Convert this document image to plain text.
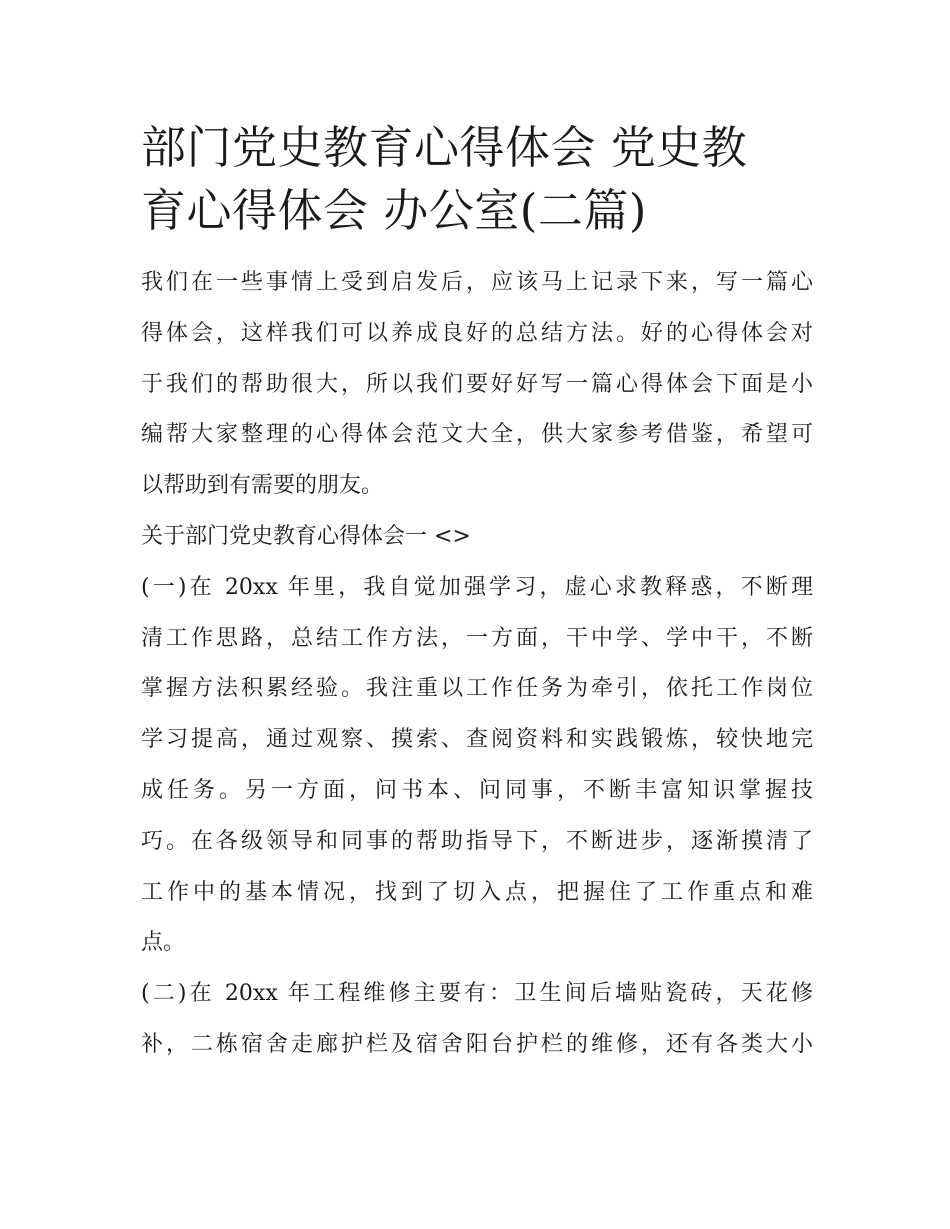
部门党史教育心得体会 党史教
育心得体会 办公室(二篇)

我们在一些事情上受到启发后，应该马上记录下来，写一篇心
得体会，这样我们可以养成良好的总结方法。好的心得体会对
于我们的帮助很大，所以我们要好好写一篇心得体会下面是小
编帮大家整理的心得体会范文大全，供大家参考借鉴，希望可
以帮助到有需要的朋友。

关于部门党史教育心得体会一 <>

(一)在 20xx 年里，我自觉加强学习，虚心求教释惑，不断理
清工作思路，总结工作方法，一方面，干中学、学中干，不断
掌握方法积累经验。我注重以工作任务为牵引，依托工作岗位
学习提高，通过观察、摸索、查阅资料和实践锻炼，较快地完
成任务。另一方面，问书本、问同事，不断丰富知识掌握技
巧。在各级领导和同事的帮助指导下，不断进步，逐渐摸清了
工作中的基本情况，找到了切入点，把握住了工作重点和难
点。

(二)在 20xx 年工程维修主要有：卫生间后墙贴瓷砖，天花修
补，二栋宿舍走廊护栏及宿舍阳台护栏的维修，还有各类大小
